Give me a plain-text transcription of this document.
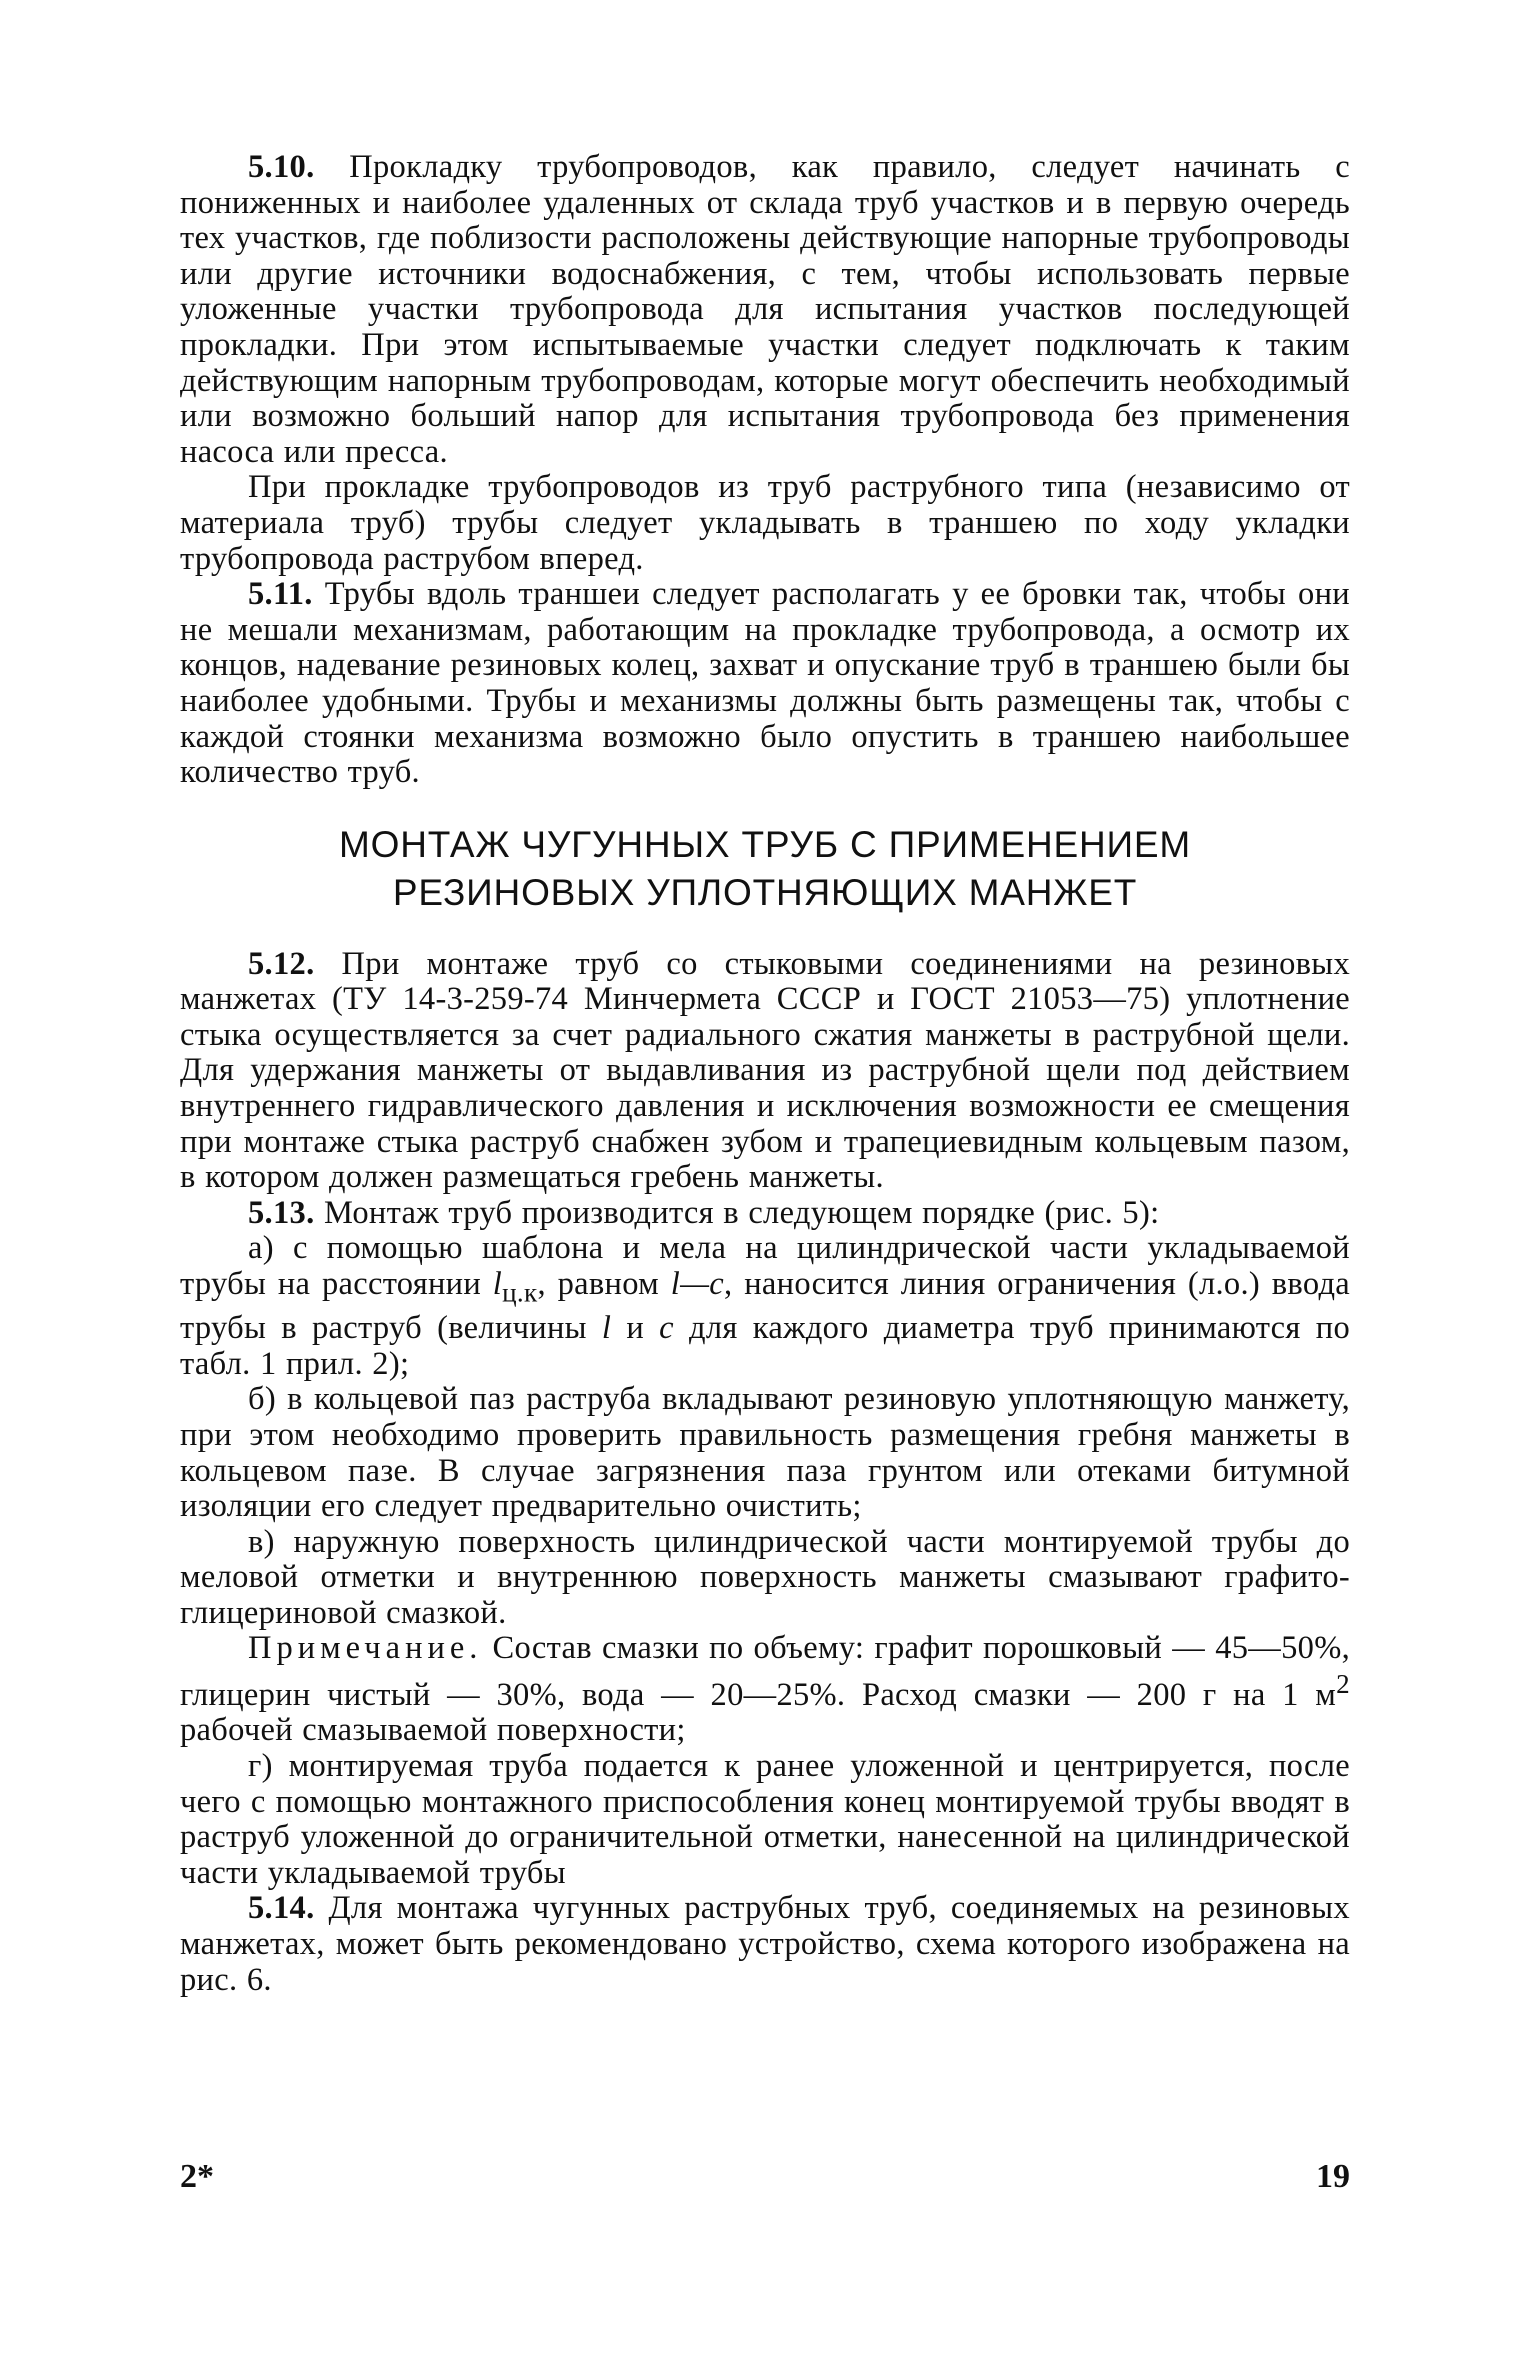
5.10. Прокладку трубопроводов, как правило, следует начинать с пониженных и наиболее удаленных от склада труб участков и в первую очередь тех участков, где поблизости расположены действующие напорные трубопроводы или другие источники водоснабжения, с тем, чтобы использовать первые уложенные участки трубопровода для испытания участков последующей прокладки. При этом испытываемые участки следует подключать к таким действующим напорным трубопроводам, которые могут обеспечить необходимый или возможно больший напор для испытания трубопровода без применения насоса или пресса.

При прокладке трубопроводов из труб раструбного типа (независимо от материала труб) трубы следует укладывать в траншею по ходу укладки трубопровода раструбом вперед.

5.11. Трубы вдоль траншеи следует располагать у ее бровки так, чтобы они не мешали механизмам, работающим на прокладке трубопровода, а осмотр их концов, надевание резиновых колец, захват и опускание труб в траншею были бы наиболее удобными. Трубы и механизмы должны быть размещены так, чтобы с каждой стоянки механизма возможно было опустить в траншею наибольшее количество труб.

МОНТАЖ ЧУГУННЫХ ТРУБ С ПРИМЕНЕНИЕМ
РЕЗИНОВЫХ УПЛОТНЯЮЩИХ МАНЖЕТ

5.12. При монтаже труб со стыковыми соединениями на резиновых манжетах (ТУ 14-3-259-74 Минчермета СССР и ГОСТ 21053—75) уплотнение стыка осуществляется за счет радиального сжатия манжеты в раструбной щели. Для удержания манжеты от выдавливания из раструбной щели под действием внутреннего гидравлического давления и исключения возможности ее смещения при монтаже стыка раструб снабжен зубом и трапециевидным кольцевым пазом, в котором должен размещаться гребень манжеты.

5.13. Монтаж труб производится в следующем порядке (рис. 5):

а) с помощью шаблона и мела на цилиндрической части укладываемой трубы на расстоянии $l_{ц.к}$, равном l—c, наносится линия ограничения (л.о.) ввода трубы в раструб (величины l и c для каждого диаметра труб принимаются по табл. 1 прил. 2);

б) в кольцевой паз раструба вкладывают резиновую уплотняющую манжету, при этом необходимо проверить правильность размещения гребня манжеты в кольцевом пазе. В случае загрязнения паза грунтом или отеками битумной изоляции его следует предварительно очистить;

в) наружную поверхность цилиндрической части монтируемой трубы до меловой отметки и внутреннюю поверхность манжеты смазывают графито-глицериновой смазкой.

Примечание. Состав смазки по объему: графит порошковый — 45—50%, глицерин чистый — 30%, вода — 20—25%. Расход смазки — 200 г на 1 $м^2$ рабочей смазываемой поверхности;

г) монтируемая труба подается к ранее уложенной и центрируется, после чего с помощью монтажного приспособления конец монтируемой трубы вводят в раструб уложенной до ограничительной отметки, нанесенной на цилиндрической части укладываемой трубы

5.14. Для монтажа чугунных раструбных труб, соединяемых на резиновых манжетах, может быть рекомендовано устройство, схема которого изображена на рис. 6.

2*	19
